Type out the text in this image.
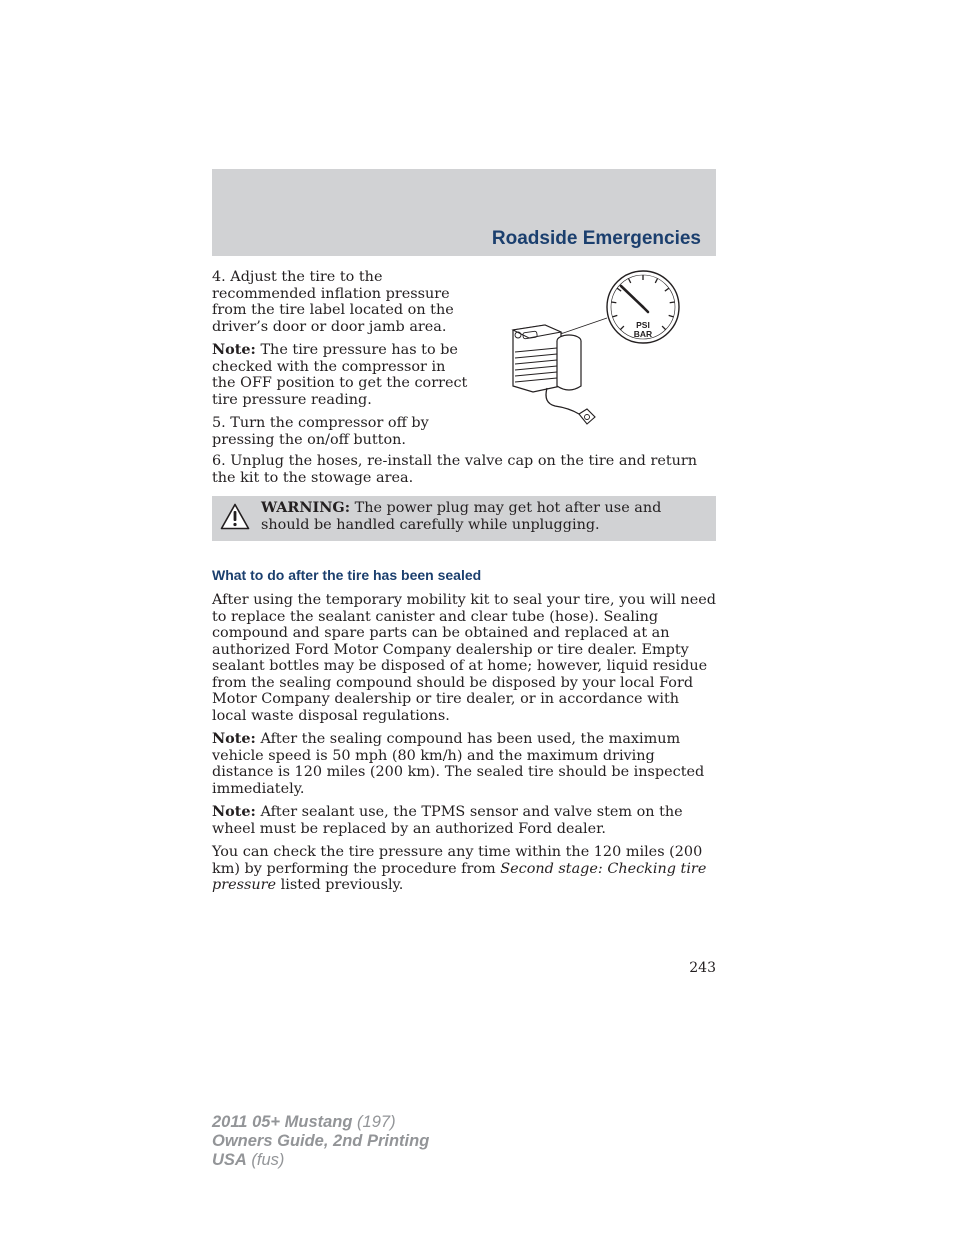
Roadside Emergencies

4. Adjust the tire to the recommended inflation pressure from the tire label located on the driver’s door or door jamb area.

Note: The tire pressure has to be checked with the compressor in the OFF position to get the correct tire pressure reading.

5. Turn the compressor off by pressing the on/off button.

PSI
BAR

6. Unplug the hoses, re-install the valve cap on the tire and return the kit to the stowage area.

WARNING: The power plug may get hot after use and should be handled carefully while unplugging.
What to do after the tire has been sealed

After using the temporary mobility kit to seal your tire, you will need to replace the sealant canister and clear tube (hose). Sealing compound and spare parts can be obtained and replaced at an authorized Ford Motor Company dealership or tire dealer. Empty sealant bottles may be disposed of at home; however, liquid residue from the sealing compound should be disposed by your local Ford Motor Company dealership or tire dealer, or in accordance with local waste disposal regulations.

Note: After the sealing compound has been used, the maximum vehicle speed is 50 mph (80 km/h) and the maximum driving distance is 120 miles (200 km). The sealed tire should be inspected immediately.

Note: After sealant use, the TPMS sensor and valve stem on the wheel must be replaced by an authorized Ford dealer.

You can check the tire pressure any time within the 120 miles (200 km) by performing the procedure from Second stage: Checking tire pressure listed previously.

243
2011 05+ Mustang (197)
Owners Guide, 2nd Printing
USA (fus)
